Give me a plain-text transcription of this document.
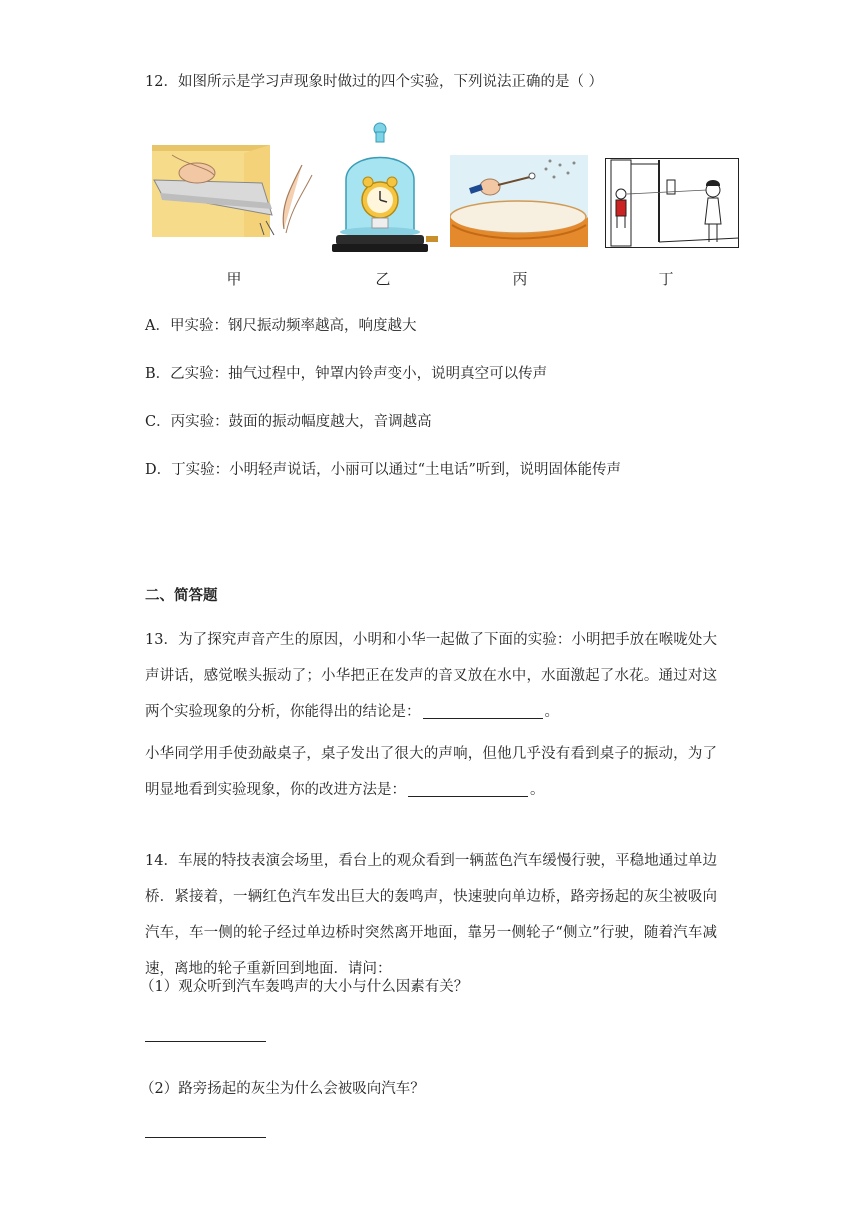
12．如图所示是学习声现象时做过的四个实验，下列说法正确的是（ ）
甲	乙	丙	丁
A．甲实验：钢尺振动频率越高，响度越大
B．乙实验：抽气过程中，钟罩内铃声变小，说明真空可以传声
C．丙实验：鼓面的振动幅度越大，音调越高
D．丁实验：小明轻声说话，小丽可以通过“土电话”听到，说明固体能传声
二、简答题
13．为了探究声音产生的原因，小明和小华一起做了下面的实验：小明把手放在喉咙处大声讲话，感觉喉头振动了；小华把正在发声的音叉放在水中，水面激起了水花。通过对这两个实验现象的分析，你能得出的结论是：	。
小华同学用手使劲敲桌子，桌子发出了很大的声响，但他几乎没有看到桌子的振动，为了明显地看到实验现象，你的改进方法是：	。
14．车展的特技表演会场里，看台上的观众看到一辆蓝色汽车缓慢行驶，平稳地通过单边桥．紧接着，一辆红色汽车发出巨大的轰鸣声，快速驶向单边桥，路旁扬起的灰尘被吸向汽车，车一侧的轮子经过单边桥时突然离开地面，靠另一侧轮子“侧立”行驶，随着汽车减速，离地的轮子重新回到地面．请问：
（1）观众听到汽车轰鸣声的大小与什么因素有关？
（2）路旁扬起的灰尘为什么会被吸向汽车？
